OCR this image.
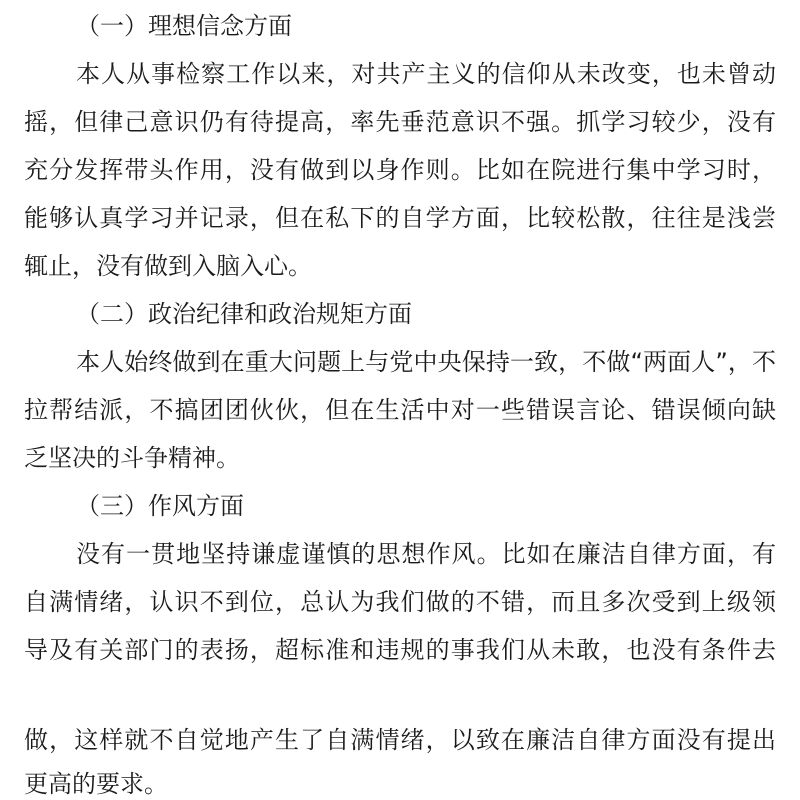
（一）理想信念方面
本人从事检察工作以来，对共产主义的信仰从未改变，也未曾动
摇，但律己意识仍有待提高，率先垂范意识不强。抓学习较少，没有
充分发挥带头作用，没有做到以身作则。比如在院进行集中学习时，
能够认真学习并记录，但在私下的自学方面，比较松散，往往是浅尝
辄止，没有做到入脑入心。
（二）政治纪律和政治规矩方面
本人始终做到在重大问题上与党中央保持一致，不做“两面人”，不
拉帮结派，不搞团团伙伙，但在生活中对一些错误言论、错误倾向缺
乏坚决的斗争精神。
（三）作风方面
没有一贯地坚持谦虚谨慎的思想作风。比如在廉洁自律方面，有
自满情绪，认识不到位，总认为我们做的不错，而且多次受到上级领
导及有关部门的表扬，超标准和违规的事我们从未敢，也没有条件去
做，这样就不自觉地产生了自满情绪，以致在廉洁自律方面没有提出
更高的要求。
